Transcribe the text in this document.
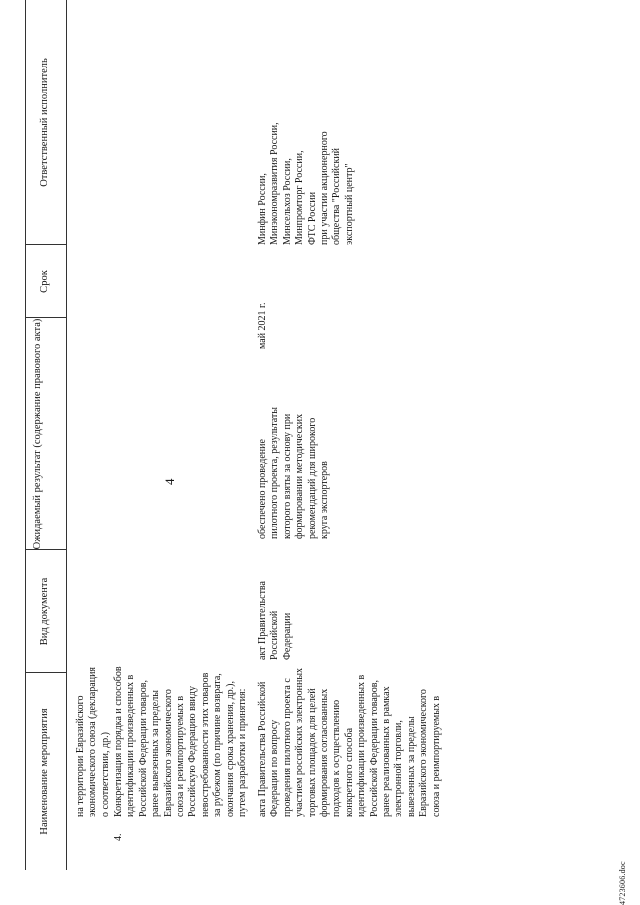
4
Наименование мероприятия
Вид документа
Ожидаемый результат (содержание правового акта)
Срок
Ответственный исполнитель
на территории Евразийского экономического союза (декларация о соответствии, др.)
4.
Конкретизация порядка и способов идентификации произведенных в Российской Федерации товаров, ранее вывезенных за пределы Евразийского экономического союза и реимпортируемых в Российскую Федерацию ввиду невостребованности этих товаров за рубежом (по причине возврата, окончания срока хранения, др.), путем разработки и принятия: акта Правительства Российской Федерации по вопросу проведения пилотного проекта с участием российских электронных торговых площадок для целей формирования согласованных подходов к осуществлению конкретного способа идентификации произведенных в Российской Федерации товаров, ранее реализованных в рамках электронной торговли, вывезенных за пределы Евразийского экономического союза и реимпортируемых в
акт Правительства Российской Федерации
обеспечено проведение пилотного проекта, результаты которого взяты за основу при формировании методических рекомендаций для широкого круга экспортеров
май 2021 г.
Минфин России, Минэкономразвития России, Минсельхоз России, Минпромторг России, ФТС России при участии акционерного общества "Российский экспортный центр"
4723606.doc
